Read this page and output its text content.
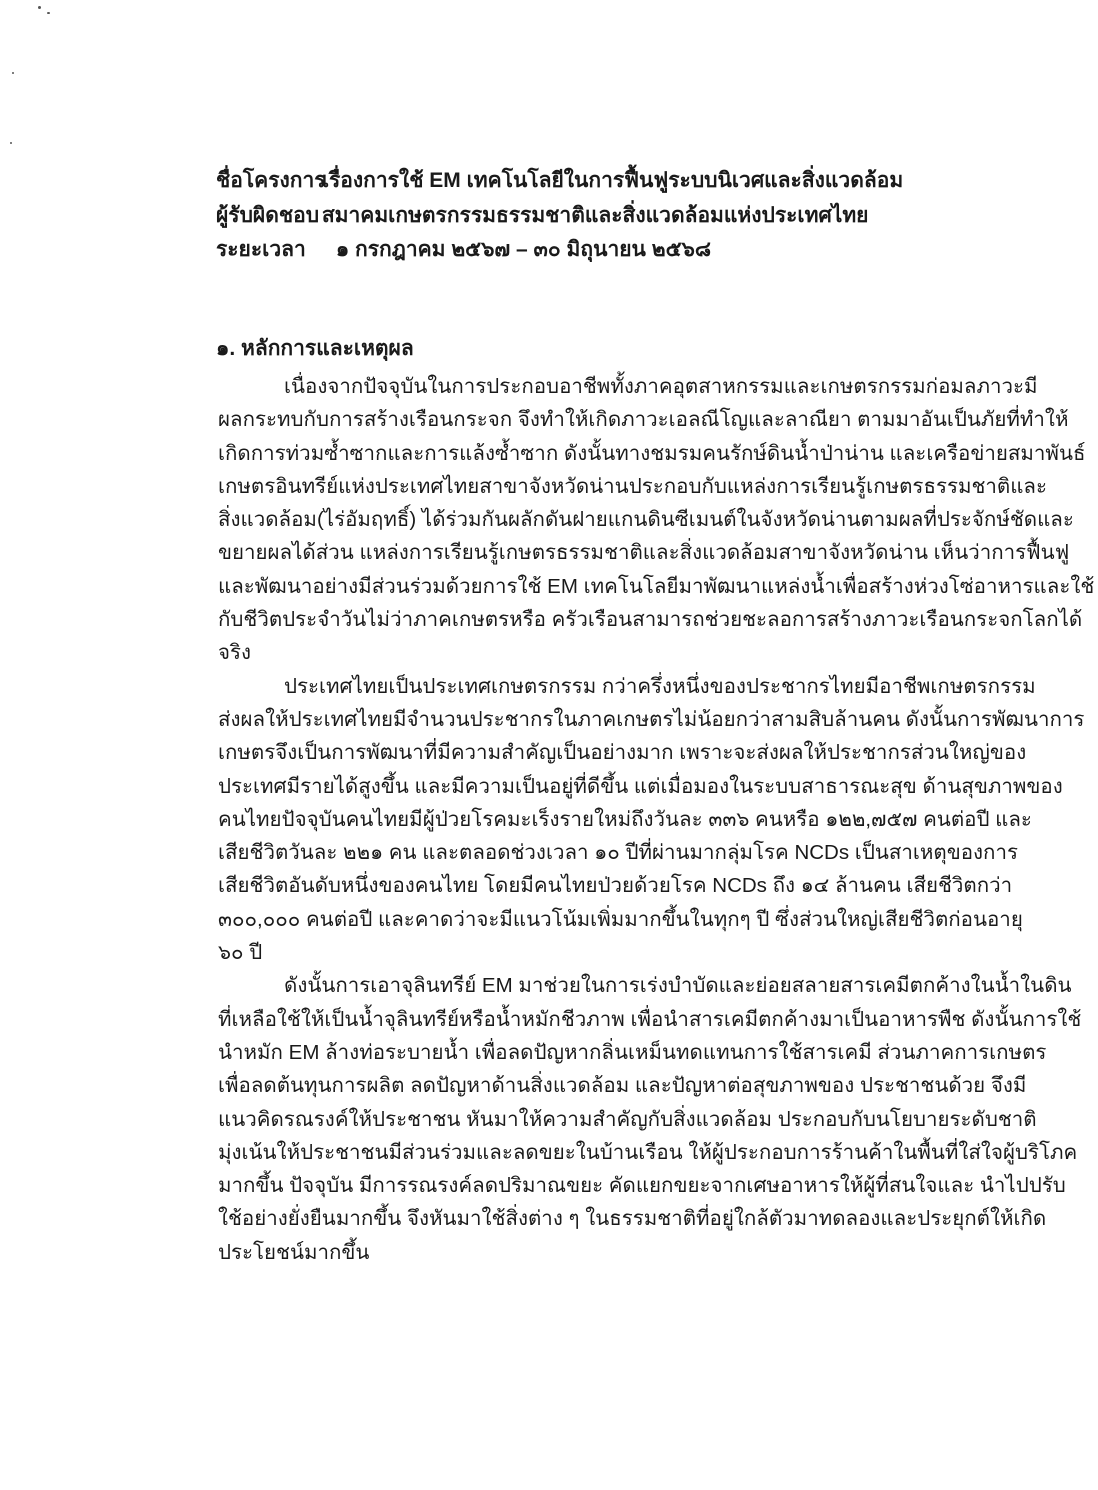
ชื่อโครงการ เรื่องการใช้ EM เทคโนโลยีในการฟื้นฟูระบบนิเวศและสิ่งแวดล้อม
ผู้รับผิดชอบ สมาคมเกษตรกรรมธรรมชาติและสิ่งแวดล้อมแห่งประเทศไทย
ระยะเวลา ๑ กรกฎาคม ๒๕๖๗ – ๓๐ มิถุนายน ๒๕๖๘
๑. หลักการและเหตุผล
เนื่องจากปัจจุบันในการประกอบอาชีพทั้งภาคอุตสาหกรรมและเกษตรกรรมก่อมลภาวะมี
ผลกระทบกับการสร้างเรือนกระจก จึงทำให้เกิดภาวะเอลณีโญและลาณียา ตามมาอันเป็นภัยที่ทำให้
เกิดการท่วมซ้ำซากและการแล้งซ้ำซาก ดังนั้นทางชมรมคนรักษ์ดินน้ำป่าน่าน และเครือข่ายสมาพันธ์
เกษตรอินทรีย์แห่งประเทศไทยสาขาจังหวัดน่านประกอบกับแหล่งการเรียนรู้เกษตรธรรมชาติและ
สิ่งแวดล้อม(ไร่อัมฤทธิ์) ได้ร่วมกันผลักดันฝายแกนดินซีเมนต์ในจังหวัดน่านตามผลที่ประจักษ์ชัดและ
ขยายผลได้ส่วน แหล่งการเรียนรู้เกษตรธรรมชาติและสิ่งแวดล้อมสาขาจังหวัดน่าน เห็นว่าการฟื้นฟู
และพัฒนาอย่างมีส่วนร่วมด้วยการใช้ EM เทคโนโลยีมาพัฒนาแหล่งน้ำเพื่อสร้างห่วงโซ่อาหารและใช้
กับชีวิตประจำวันไม่ว่าภาคเกษตรหรือ ครัวเรือนสามารถช่วยชะลอการสร้างภาวะเรือนกระจกโลกได้
จริง
ประเทศไทยเป็นประเทศเกษตรกรรม กว่าครึ่งหนึ่งของประชากรไทยมีอาชีพเกษตรกรรม
ส่งผลให้ประเทศไทยมีจำนวนประชากรในภาคเกษตรไม่น้อยกว่าสามสิบล้านคน ดังนั้นการพัฒนาการ
เกษตรจึงเป็นการพัฒนาที่มีความสำคัญเป็นอย่างมาก เพราะจะส่งผลให้ประชากรส่วนใหญ่ของ
ประเทศมีรายได้สูงขึ้น และมีความเป็นอยู่ที่ดีขึ้น แต่เมื่อมองในระบบสาธารณะสุข ด้านสุขภาพของ
คนไทยปัจจุบันคนไทยมีผู้ป่วยโรคมะเร็งรายใหม่ถึงวันละ ๓๓๖ คนหรือ ๑๒๒,๗๕๗ คนต่อปี และ
เสียชีวิตวันละ ๒๒๑ คน และตลอดช่วงเวลา ๑๐ ปีที่ผ่านมากลุ่มโรค NCDs เป็นสาเหตุของการ
เสียชีวิตอันดับหนึ่งของคนไทย โดยมีคนไทยป่วยด้วยโรค NCDs ถึง ๑๔ ล้านคน เสียชีวิตกว่า
๓๐๐,๐๐๐ คนต่อปี และคาดว่าจะมีแนวโน้มเพิ่มมากขึ้นในทุกๆ ปี ซึ่งส่วนใหญ่เสียชีวิตก่อนอายุ
๖๐ ปี
ดังนั้นการเอาจุลินทรีย์ EM มาช่วยในการเร่งบำบัดและย่อยสลายสารเคมีตกค้างในน้ำในดิน
ที่เหลือใช้ให้เป็นน้ำจุลินทรีย์หรือน้ำหมักชีวภาพ เพื่อนำสารเคมีตกค้างมาเป็นอาหารพืช ดังนั้นการใช้
นำหมัก EM ล้างท่อระบายน้ำ เพื่อลดปัญหากลิ่นเหม็นทดแทนการใช้สารเคมี ส่วนภาคการเกษตร
เพื่อลดต้นทุนการผลิต ลดปัญหาด้านสิ่งแวดล้อม และปัญหาต่อสุขภาพของ ประชาชนด้วย จึงมี
แนวคิดรณรงค์ให้ประชาชน หันมาให้ความสำคัญกับสิ่งแวดล้อม ประกอบกับนโยบายระดับชาติ
มุ่งเน้นให้ประชาชนมีส่วนร่วมและลดขยะในบ้านเรือน ให้ผู้ประกอบการร้านค้าในพื้นที่ใส่ใจผู้บริโภค
มากขึ้น ปัจจุบัน มีการรณรงค์ลดปริมาณขยะ คัดแยกขยะจากเศษอาหารให้ผู้ที่สนใจและ นำไปปรับ
ใช้อย่างยั่งยืนมากขึ้น จึงหันมาใช้สิ่งต่าง ๆ ในธรรมชาติที่อยู่ใกล้ตัวมาทดลองและประยุกต์ให้เกิด
ประโยชน์มากขึ้น
